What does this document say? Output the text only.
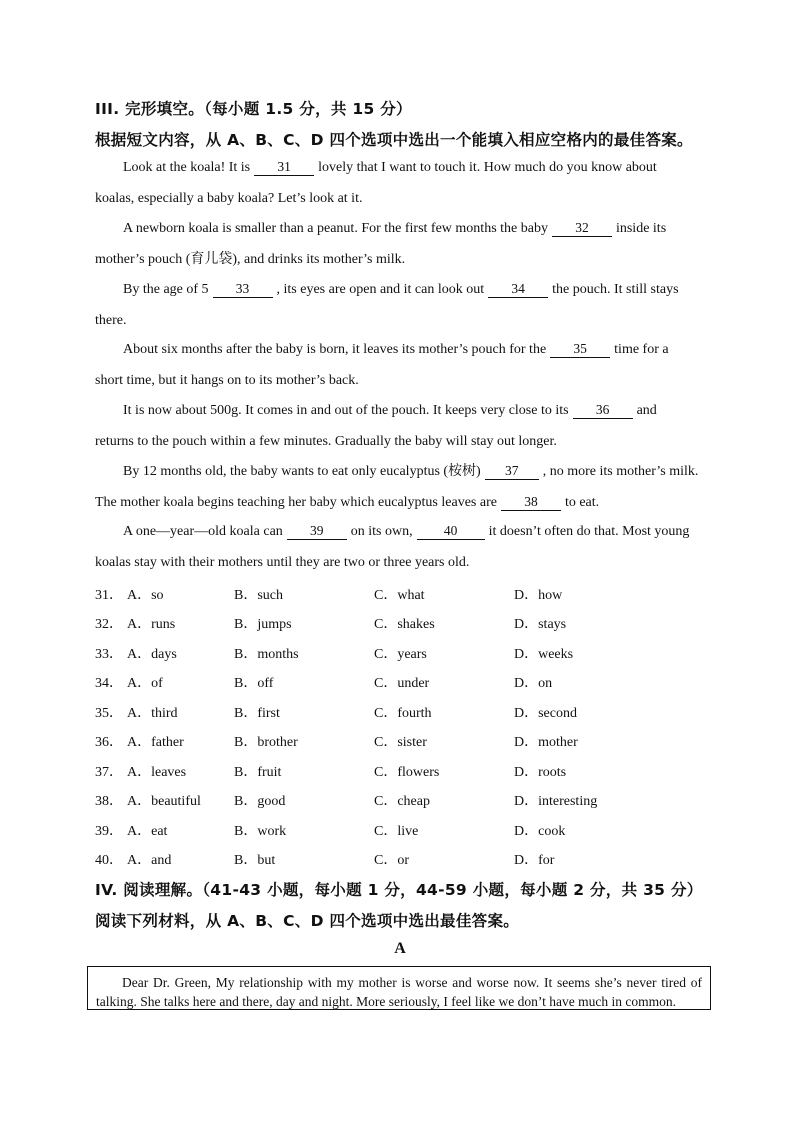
III. 完形填空。（每小题 1.5 分，共 15 分）
根据短文内容，从 A、B、C、D 四个选项中选出一个能填入相应空格内的最佳答案。
Look at the koala! It is 31 lovely that I want to touch it. How much do you know about
koalas, especially a baby koala? Let’s look at it.
A newborn koala is smaller than a peanut. For the first few months the baby 32 inside its
mother’s pouch (育儿袋), and drinks its mother’s milk.
By the age of 5 33 , its eyes are open and it can look out 34 the pouch. It still stays
there.
About six months after the baby is born, it leaves its mother’s pouch for the 35 time for a
short time, but it hangs on to its mother’s back.
It is now about 500g. It comes in and out of the pouch. It keeps very close to its 36 and
returns to the pouch within a few minutes. Gradually the baby will stay out longer.
By 12 months old, the baby wants to eat only eucalyptus (桉树) 37 , no more its mother’s milk.
The mother koala begins teaching her baby which eucalyptus leaves are 38 to eat.
A one—year—old koala can 39 on its own, 40 it doesn’t often do that. Most young
koalas stay with their mothers until they are two or three years old.
31． A．so	B．such	C．what	D．how
32． A．runs	B．jumps	C．shakes	D．stays
33． A．days	B．months	C．years	D．weeks
34． A．of	B．off	C．under	D．on
35． A．third	B．first	C．fourth	D．second
36． A．father	B．brother	C．sister	D．mother
37． A．leaves	B．fruit	C．flowers	D．roots
38． A．beautiful B．good	C．cheap	D．interesting
39． A．eat	B．work	C．live	D．cook
40． A．and	B．but	C．or	D．for
IV. 阅读理解。（41-43 小题，每小题 1 分，44-59 小题，每小题 2 分，共 35 分）
阅读下列材料，从 A、B、C、D 四个选项中选出最佳答案。
A
Dear Dr. Green, My relationship with my mother is worse and worse now. It seems she’s never tired of talking. She talks here and there, day and night. More seriously, I feel like we don’t have much in common.
